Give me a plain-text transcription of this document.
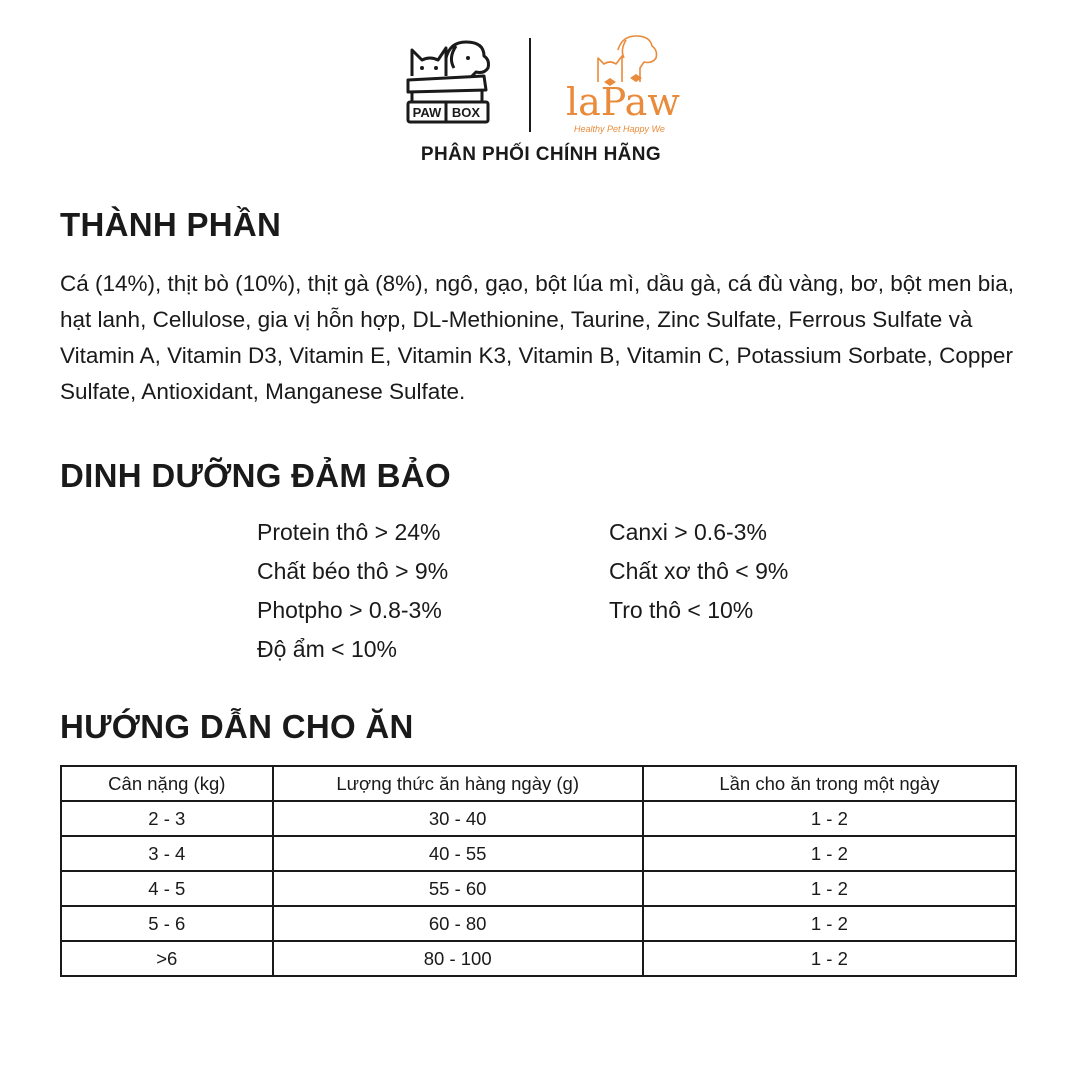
PAW BOX laPaw
Healthy Pet Happy We
PHÂN PHỐI CHÍNH HÃNG
THÀNH PHẦN

Cá (14%), thịt bò (10%), thịt gà (8%), ngô, gạo, bột lúa mì, dầu gà, cá đù vàng, bơ, bột men bia, hạt lanh, Cellulose, gia vị hỗn hợp, DL-Methionine, Taurine, Zinc Sulfate, Ferrous Sulfate và Vitamin A, Vitamin D3, Vitamin E, Vitamin K3, Vitamin B, Vitamin C, Potassium Sorbate, Copper Sulfate, Antioxidant, Manganese Sulfate.

DINH DƯỠNG ĐẢM BẢO
Protein thô > 24%
Chất béo thô > 9%
Photpho > 0.8-3%
Độ ẩm < 10%
Canxi > 0.6-3%
Chất xơ thô < 9%
Tro thô < 10%
HƯỚNG DẪN CHO ĂN
Cân nặng (kg)	Lượng thức ăn hàng ngày (g)	Lần cho ăn trong một ngày
2 - 3	30 - 40	1 - 2
3 - 4	40 - 55	1 - 2
4 - 5	55 - 60	1 - 2
5 - 6	60 - 80	1 - 2
>6	80 - 100	1 - 2
